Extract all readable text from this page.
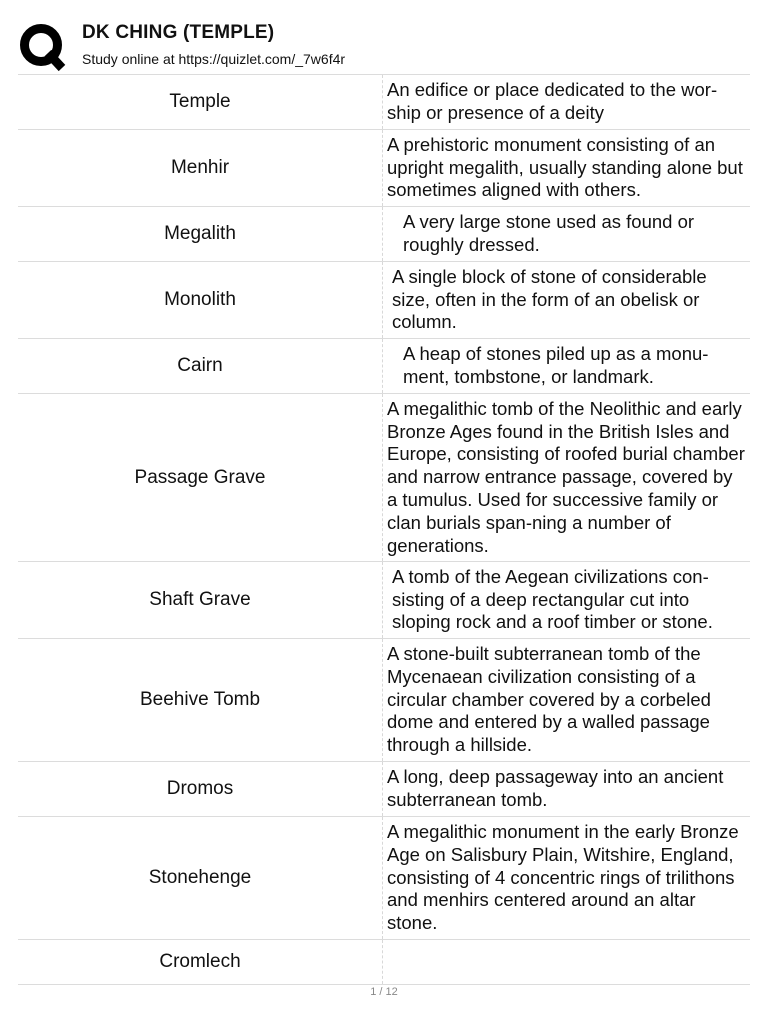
DK CHING (TEMPLE)
Study online at https://quizlet.com/_7w6f4r
Temple
An edifice or place dedicated to the wor-ship or presence of a deity
Menhir
A prehistoric monument consisting of an upright megalith, usually standing alone but sometimes aligned with others.
Megalith
A very large stone used as found or roughly dressed.
Monolith
A single block of stone of considerable size, often in the form of an obelisk or column.
Cairn
A heap of stones piled up as a monu-ment, tombstone, or landmark.
Passage Grave
A megalithic tomb of the Neolithic and early Bronze Ages found in the British Isles and Europe, consisting of roofed burial chamber and narrow entrance passage, covered by a tumulus. Used for successive family or clan burials span-ning a number of generations.
Shaft Grave
A tomb of the Aegean civilizations con-sisting of a deep rectangular cut into sloping rock and a roof timber or stone.
Beehive Tomb
A stone-built subterranean tomb of the Mycenaean civilization consisting of a circular chamber covered by a corbeled dome and entered by a walled passage through a hillside.
Dromos
A long, deep passageway into an ancient subterranean tomb.
Stonehenge
A megalithic monument in the early Bronze Age on Salisbury Plain, Witshire, England, consisting of 4 concentric rings of trilithons and menhirs centered around an altar stone.
Cromlech
1 / 12
